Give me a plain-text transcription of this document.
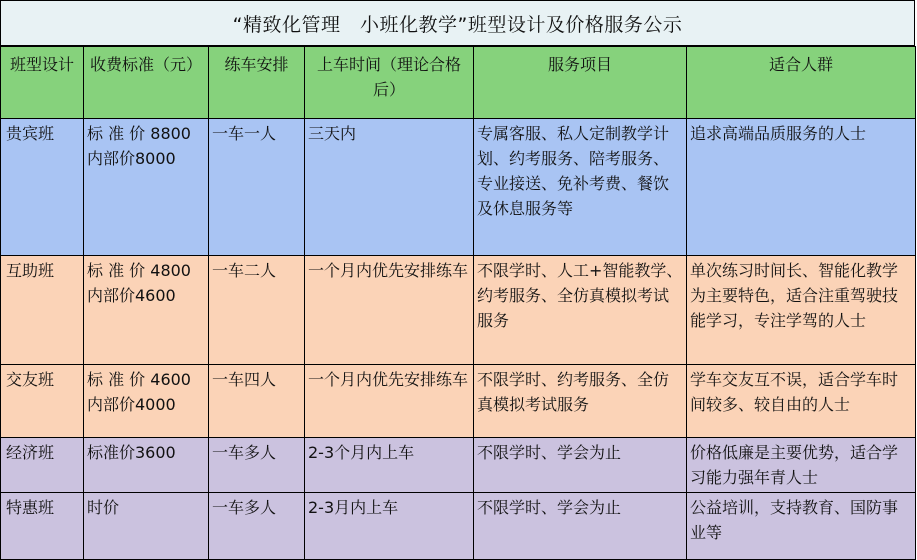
“精致化管理　小班化教学”班型设计及价格服务公示
班型设计	收费标准（元）	练车安排	上车时间（理论合格后）	服务项目	适合人群
贵宾班	标 准 价 8800
内部价8000	一车一人	三天内	专属客服、私人定制教学计划、约考服务、陪考服务、专业接送、免补考费、餐饮及休息服务等	追求高端品质服务的人士
互助班	标 准 价 4800
内部价4600	一车二人	一个月内优先安排练车	不限学时、人工+智能教学、约考服务、全仿真模拟考试服务	单次练习时间长、智能化教学为主要特色，适合注重驾驶技能学习，专注学驾的人士
交友班	标 准 价 4600
内部价4000	一车四人	一个月内优先安排练车	不限学时、约考服务、全仿真模拟考试服务	学车交友互不误，适合学车时间较多、较自由的人士
经济班	标准价3600	一车多人	2-3个月内上车	不限学时、学会为止	价格低廉是主要优势，适合学习能力强年青人士
特惠班	时价	一车多人	2-3月内上车	不限学时、学会为止	公益培训，支持教育、国防事业等
